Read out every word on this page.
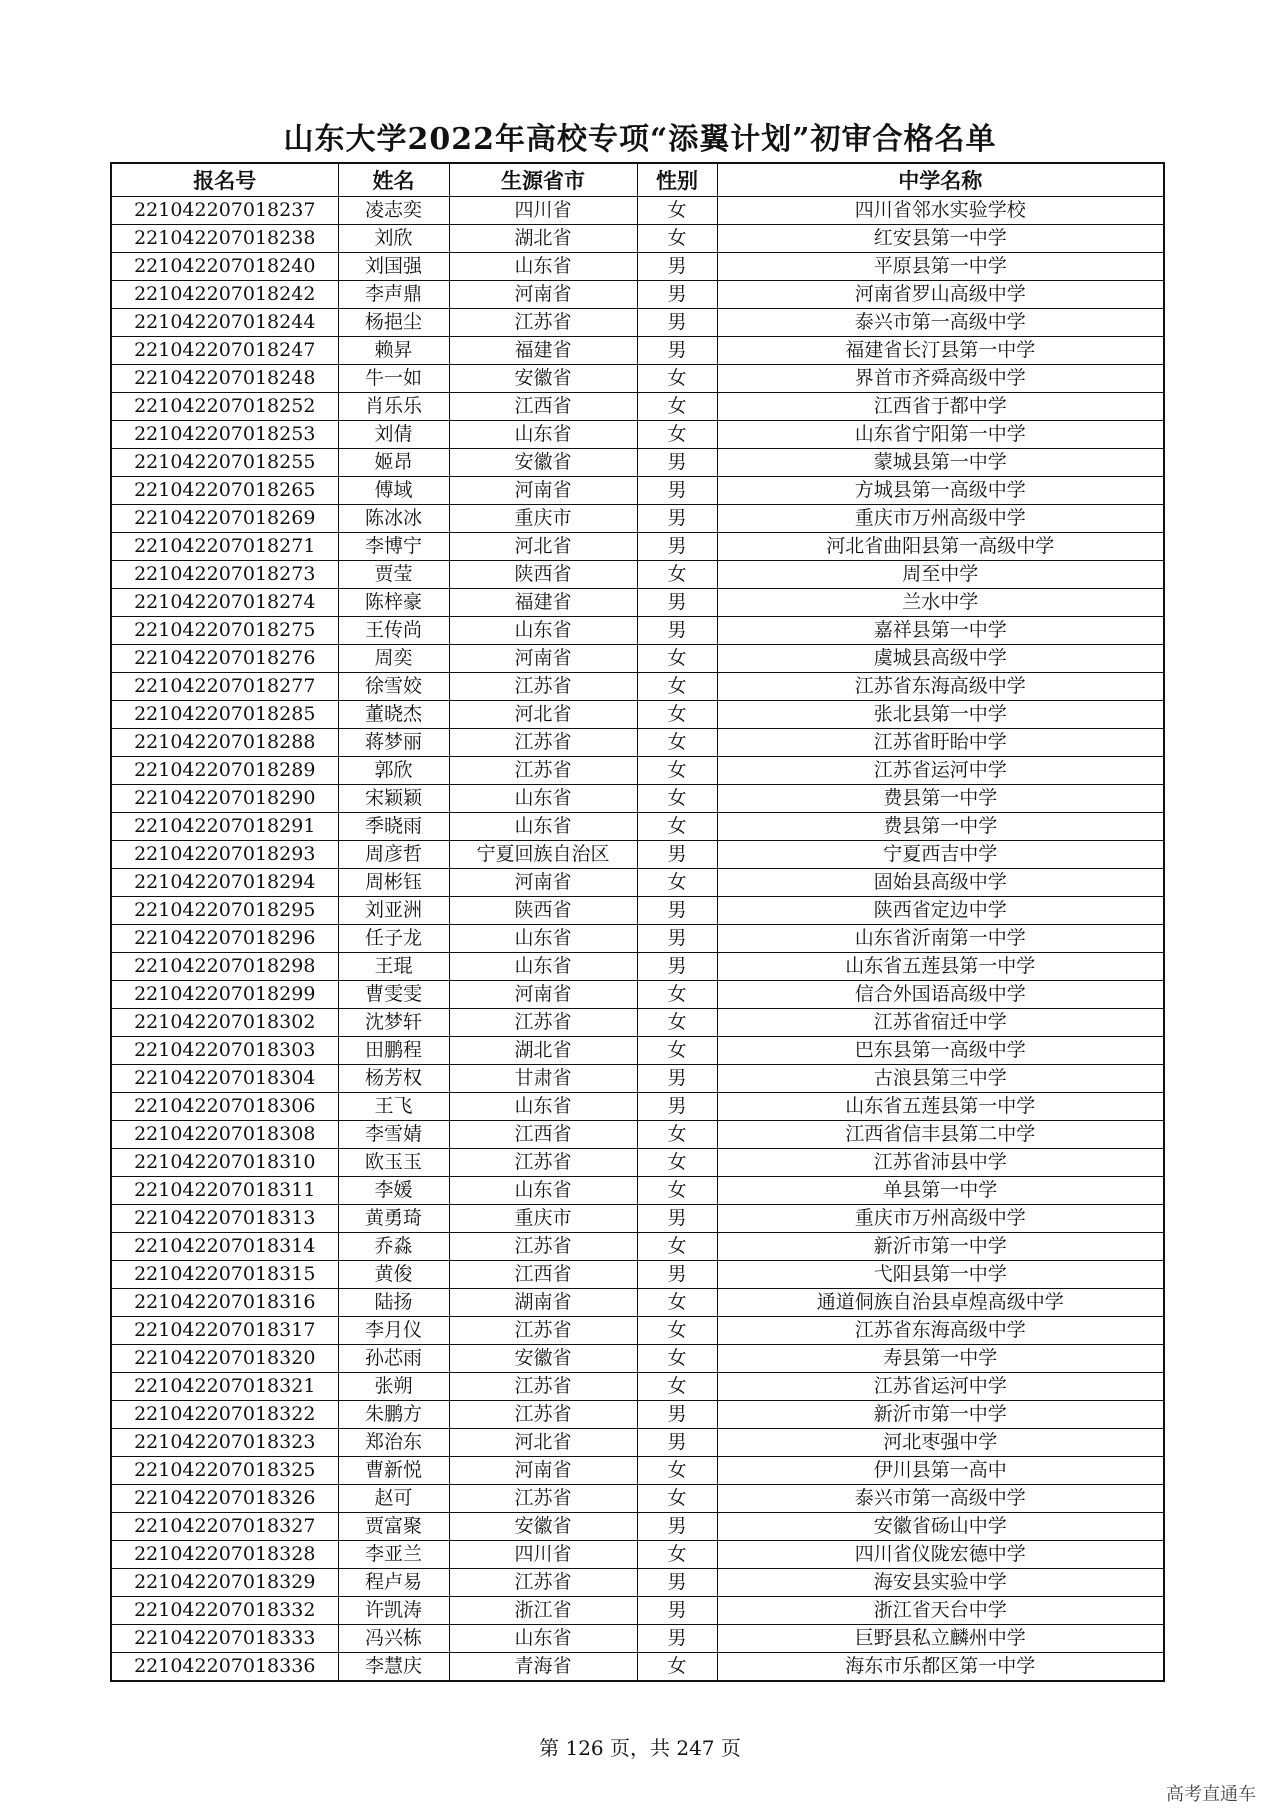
山东大学2022年高校专项“添翼计划”初审合格名单
报名号	姓名	生源省市	性别	中学名称
221042207018237	凌志奕	四川省	女	四川省邻水实验学校
221042207018238	刘欣	湖北省	女	红安县第一中学
221042207018240	刘国强	山东省	男	平原县第一中学
221042207018242	李声鼎	河南省	男	河南省罗山高级中学
221042207018244	杨挹尘	江苏省	男	泰兴市第一高级中学
221042207018247	赖昇	福建省	男	福建省长汀县第一中学
221042207018248	牛一如	安徽省	女	界首市齐舜高级中学
221042207018252	肖乐乐	江西省	女	江西省于都中学
221042207018253	刘倩	山东省	女	山东省宁阳第一中学
221042207018255	姬昂	安徽省	男	蒙城县第一中学
221042207018265	傅域	河南省	男	方城县第一高级中学
221042207018269	陈冰冰	重庆市	男	重庆市万州高级中学
221042207018271	李博宁	河北省	男	河北省曲阳县第一高级中学
221042207018273	贾莹	陕西省	女	周至中学
221042207018274	陈梓豪	福建省	男	兰水中学
221042207018275	王传尚	山东省	男	嘉祥县第一中学
221042207018276	周奕	河南省	女	虞城县高级中学
221042207018277	徐雪姣	江苏省	女	江苏省东海高级中学
221042207018285	董晓杰	河北省	女	张北县第一中学
221042207018288	蒋梦丽	江苏省	女	江苏省盱眙中学
221042207018289	郭欣	江苏省	女	江苏省运河中学
221042207018290	宋颖颖	山东省	女	费县第一中学
221042207018291	季晓雨	山东省	女	费县第一中学
221042207018293	周彦哲	宁夏回族自治区	男	宁夏西吉中学
221042207018294	周彬钰	河南省	女	固始县高级中学
221042207018295	刘亚洲	陕西省	男	陕西省定边中学
221042207018296	任子龙	山东省	男	山东省沂南第一中学
221042207018298	王琨	山东省	男	山东省五莲县第一中学
221042207018299	曹雯雯	河南省	女	信合外国语高级中学
221042207018302	沈梦轩	江苏省	女	江苏省宿迁中学
221042207018303	田鹏程	湖北省	女	巴东县第一高级中学
221042207018304	杨芳权	甘肃省	男	古浪县第三中学
221042207018306	王飞	山东省	男	山东省五莲县第一中学
221042207018308	李雪婧	江西省	女	江西省信丰县第二中学
221042207018310	欧玉玉	江苏省	女	江苏省沛县中学
221042207018311	李媛	山东省	女	单县第一中学
221042207018313	黄勇琦	重庆市	男	重庆市万州高级中学
221042207018314	乔淼	江苏省	女	新沂市第一中学
221042207018315	黄俊	江西省	男	弋阳县第一中学
221042207018316	陆扬	湖南省	女	通道侗族自治县卓煌高级中学
221042207018317	李月仪	江苏省	女	江苏省东海高级中学
221042207018320	孙芯雨	安徽省	女	寿县第一中学
221042207018321	张朔	江苏省	女	江苏省运河中学
221042207018322	朱鹏方	江苏省	男	新沂市第一中学
221042207018323	郑治东	河北省	男	河北枣强中学
221042207018325	曹新悦	河南省	女	伊川县第一高中
221042207018326	赵可	江苏省	女	泰兴市第一高级中学
221042207018327	贾富聚	安徽省	男	安徽省砀山中学
221042207018328	李亚兰	四川省	女	四川省仪陇宏德中学
221042207018329	程卢易	江苏省	男	海安县实验中学
221042207018332	许凯涛	浙江省	男	浙江省天台中学
221042207018333	冯兴栋	山东省	男	巨野县私立麟州中学
221042207018336	李慧庆	青海省	女	海东市乐都区第一中学
第 126 页，共 247 页
高考直通车
